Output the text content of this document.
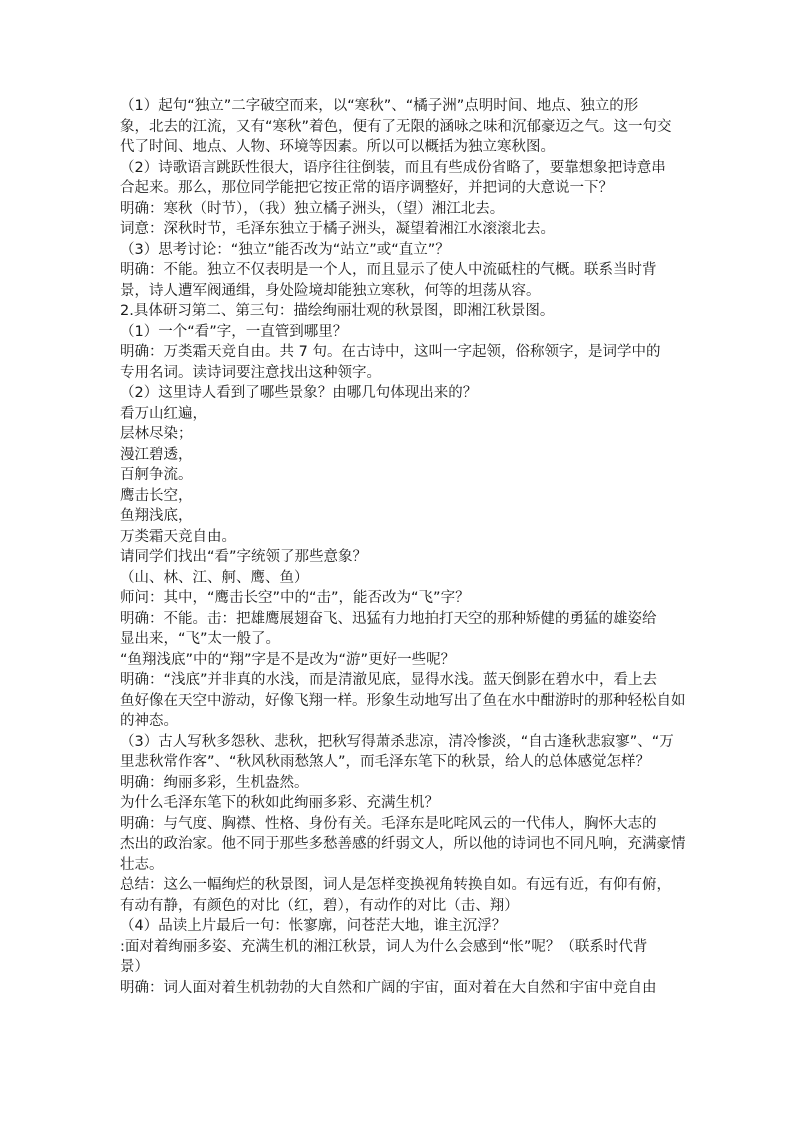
（1）起句“独立”二字破空而来，以“寒秋”、“橘子洲”点明时间、地点、独立的形
象，北去的江流，又有“寒秋”着色，便有了无限的涵咏之味和沉郁豪迈之气。这一句交
代了时间、地点、人物、环境等因素。所以可以概括为独立寒秋图。
（2）诗歌语言跳跃性很大，语序往往倒装，而且有些成份省略了，要靠想象把诗意串
合起来。那么，那位同学能把它按正常的语序调整好，并把词的大意说一下？
明确：寒秋（时节），（我）独立橘子洲头，（望）湘江北去。
词意：深秋时节，毛泽东独立于橘子洲头，凝望着湘江水滚滚北去。
（3）思考讨论：“独立”能否改为“站立”或“直立”？
明确：不能。独立不仅表明是一个人，而且显示了使人中流砥柱的气概。联系当时背
景，诗人遭军阀通缉，身处险境却能独立寒秋，何等的坦荡从容。
2.具体研习第二、第三句：描绘绚丽壮观的秋景图，即湘江秋景图。
（1）一个“看”字，一直管到哪里？
明确：万类霜天竞自由。共 7 句。在古诗中，这叫一字起领，俗称领字，是词学中的
专用名词。读诗词要注意找出这种领字。
（2）这里诗人看到了哪些景象？由哪几句体现出来的？
看万山红遍，
层林尽染；
漫江碧透，
百舸争流。
鹰击长空，
鱼翔浅底，
万类霜天竞自由。
请同学们找出“看”字统领了那些意象？
（山、林、江、舸、鹰、鱼）
师问：其中，“鹰击长空”中的“击”，能否改为“飞”字？
明确：不能。击：把雄鹰展翅奋飞、迅猛有力地拍打天空的那种矫健的勇猛的雄姿给
显出来，“飞”太一般了。
“鱼翔浅底”中的“翔”字是不是改为“游”更好一些呢？
明确：“浅底”并非真的水浅，而是清澈见底，显得水浅。蓝天倒影在碧水中，看上去
鱼好像在天空中游动，好像飞翔一样。形象生动地写出了鱼在水中酣游时的那种轻松自如
的神态。
（3）古人写秋多怨秋、悲秋，把秋写得萧杀悲凉，清冷惨淡，“自古逢秋悲寂寥”、“万
里悲秋常作客”、“秋风秋雨愁煞人”，而毛泽东笔下的秋景，给人的总体感觉怎样？
明确：绚丽多彩，生机盎然。
为什么毛泽东笔下的秋如此绚丽多彩、充满生机？
明确：与气度、胸襟、性格、身份有关。毛泽东是叱咤风云的一代伟人，胸怀大志的
杰出的政治家。他不同于那些多愁善感的纤弱文人，所以他的诗词也不同凡响，充满豪情
壮志。
总结：这么一幅绚烂的秋景图，词人是怎样变换视角转换自如。有远有近，有仰有俯，
有动有静，有颜色的对比（红，碧），有动作的对比（击、翔）
（4）品读上片最后一句：怅寥廓，问苍茫大地，谁主沉浮？
:面对着绚丽多姿、充满生机的湘江秋景，词人为什么会感到“怅”呢？（联系时代背
景）
明确：词人面对着生机勃勃的大自然和广阔的宇宙，面对着在大自然和宇宙中竞自由
